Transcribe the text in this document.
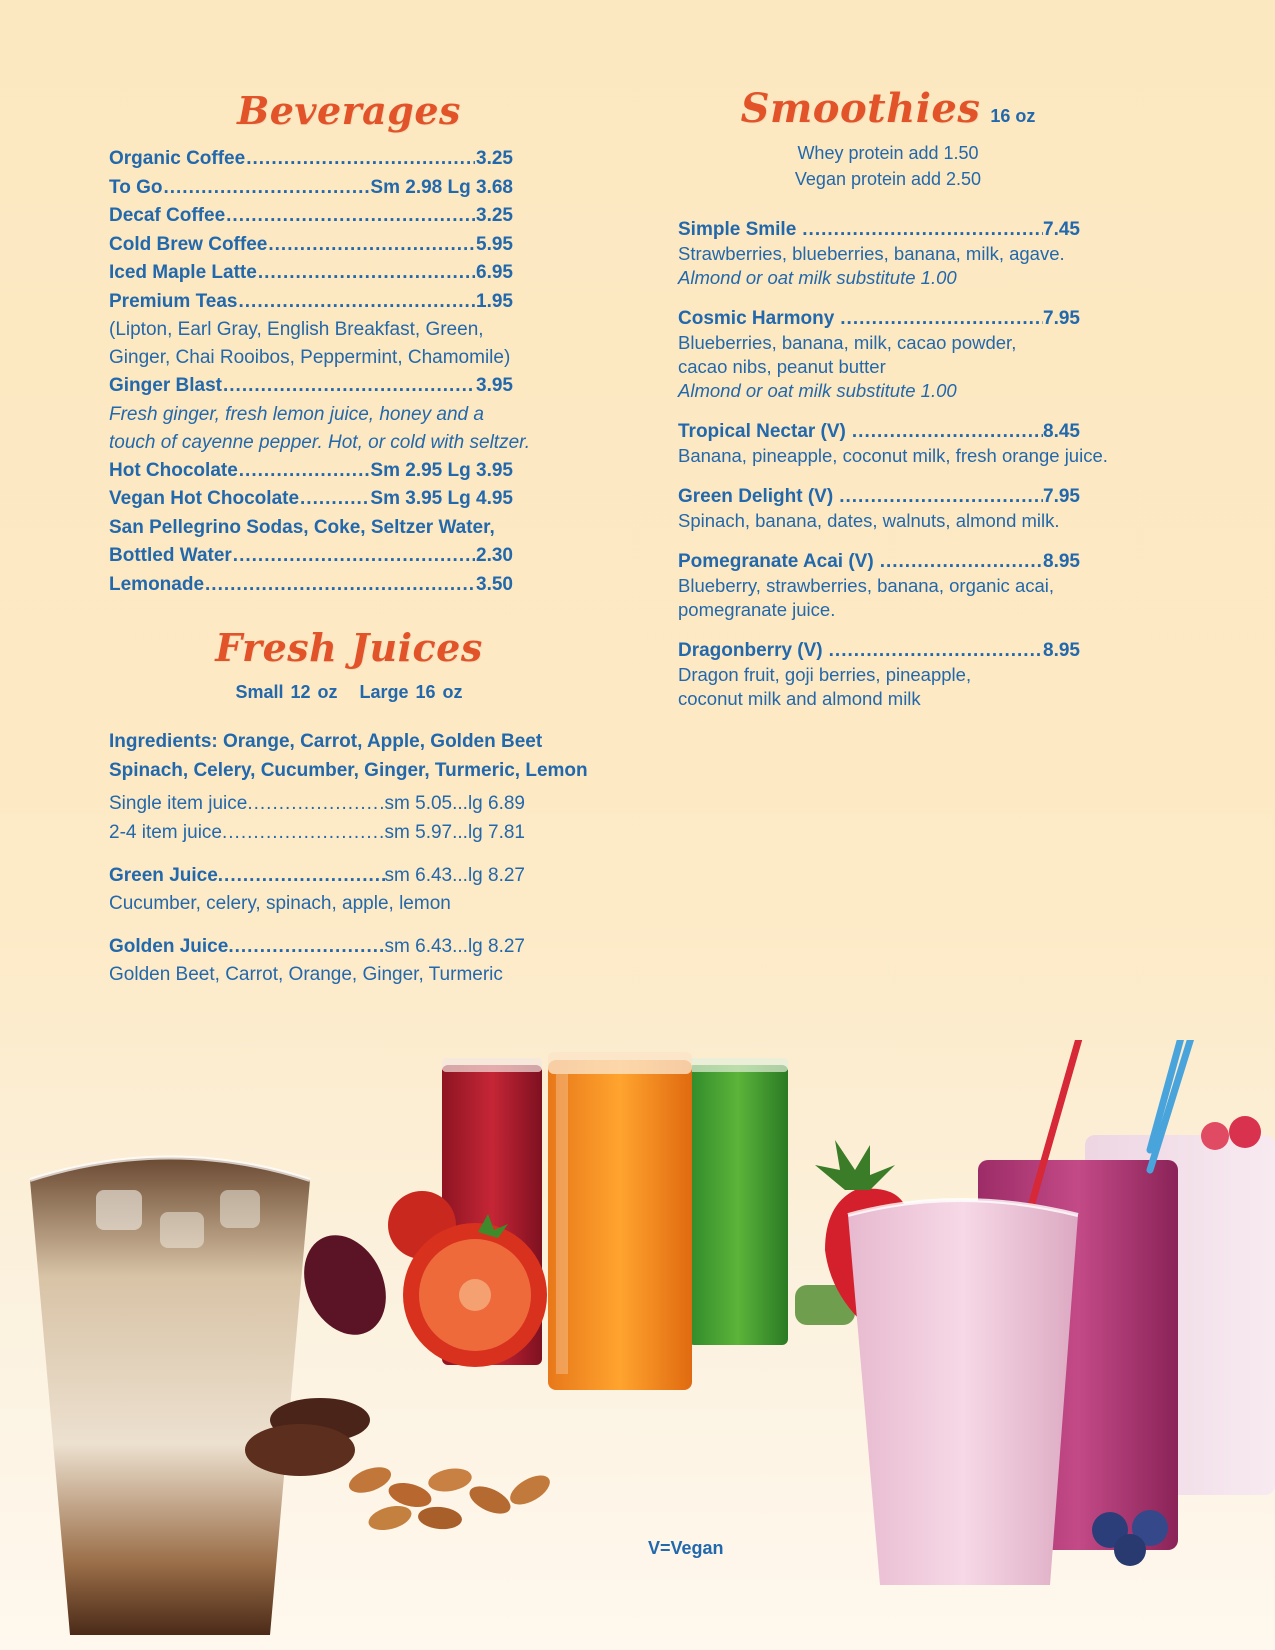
Beverages
Organic Coffee .....	3.25
To Go .....	Sm 2.98 Lg 3.68
Decaf Coffee .....	3.25
Cold Brew Coffee .....	5.95
Iced Maple Latte .....	6.95
Premium Teas .....	1.95
(Lipton, Earl Gray, English Breakfast, Green,
Ginger, Chai Rooibos, Peppermint, Chamomile)
Ginger Blast .....	3.95
Fresh ginger, fresh lemon juice, honey and a
touch of cayenne pepper. Hot, or cold with seltzer.
Hot Chocolate .....	Sm 2.95 Lg 3.95
Vegan Hot Chocolate .....	Sm 3.95 Lg 4.95
San Pellegrino Sodas, Coke, Seltzer Water,
Bottled Water .....	2.30
Lemonade .....	3.50
Fresh Juices
Small 12 oz Large 16 oz
Ingredients: Orange, Carrot, Apple, Golden Beet
Spinach, Celery, Cucumber, Ginger, Turmeric, Lemon
Single item juice .....	sm 5.05...lg 6.89
2-4 item juice .....	sm 5.97...lg 7.81
Green Juice .....	sm 6.43...lg 8.27
Cucumber, celery, spinach, apple, lemon
Golden Juice .....	sm 6.43...lg 8.27
Golden Beet, Carrot, Orange, Ginger, Turmeric
Smoothies 16 oz
Whey protein add 1.50
Vegan protein add 2.50
Simple Smile .....	7.45
Strawberries, blueberries, banana, milk, agave.
Almond or oat milk substitute 1.00
Cosmic Harmony .....	7.95
Blueberries, banana, milk, cacao powder,
cacao nibs, peanut butter
Almond or oat milk substitute 1.00
Tropical Nectar (V) .....	8.45
Banana, pineapple, coconut milk, fresh orange juice.
Green Delight (V) .....	7.95
Spinach, banana, dates, walnuts, almond milk.
Pomegranate Acai (V) .....	8.95
Blueberry, strawberries, banana, organic acai,
pomegranate juice.
Dragonberry (V) .....	8.95
Dragon fruit, goji berries, pineapple,
coconut milk and almond milk
V=Vegan
